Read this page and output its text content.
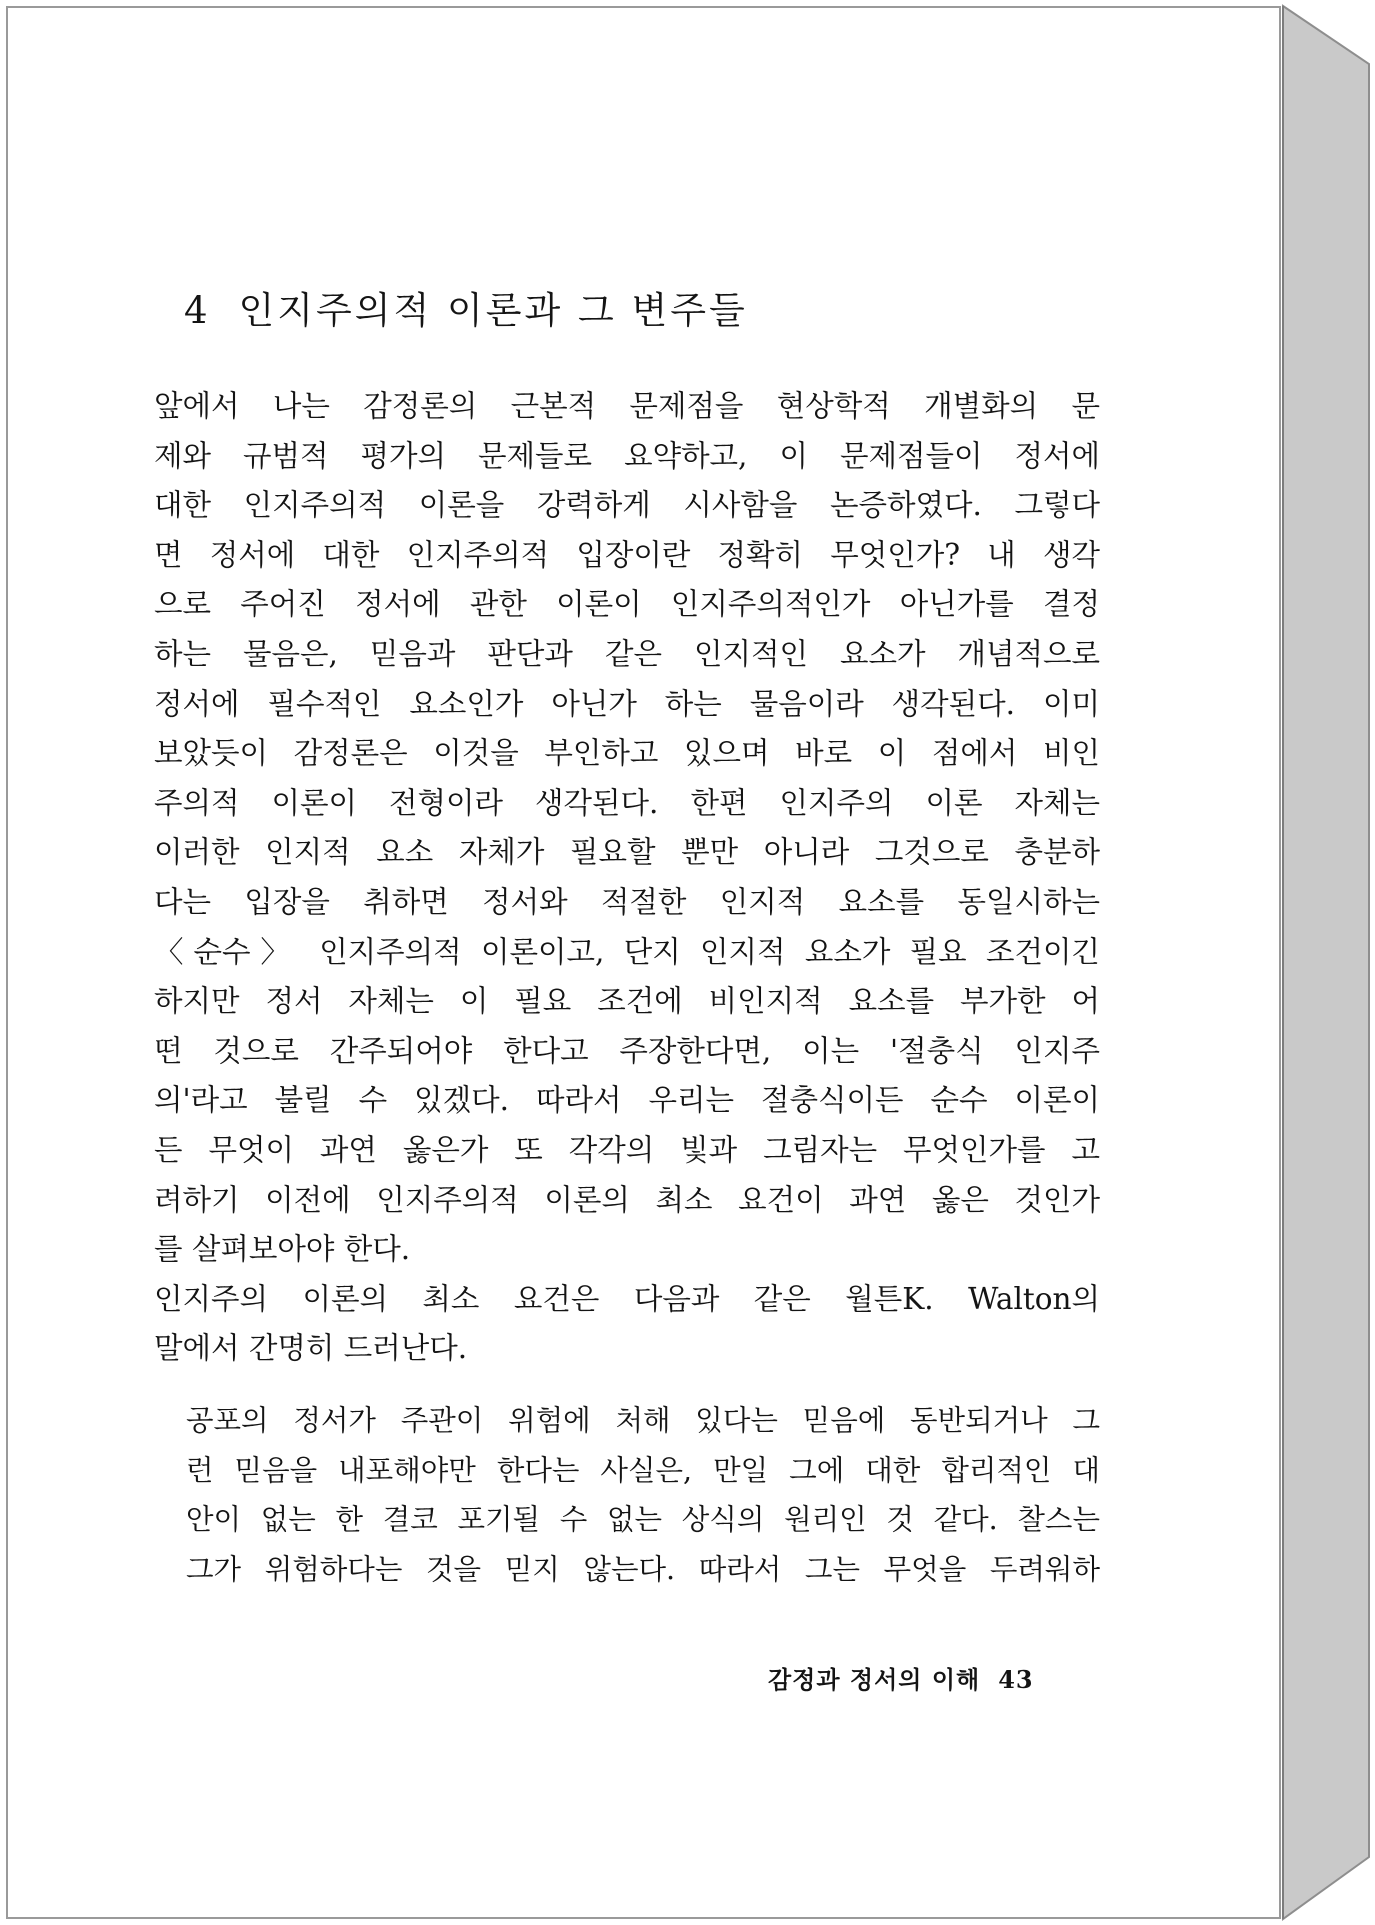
4 인지주의적 이론과 그 변주들
앞에서 나는 감정론의 근본적 문제점을 현상학적 개별화의 문
제와 규범적 평가의 문제들로 요약하고, 이 문제점들이 정서에
대한 인지주의적 이론을 강력하게 시사함을 논증하였다. 그렇다
면 정서에 대한 인지주의적 입장이란 정확히 무엇인가? 내 생각
으로 주어진 정서에 관한 이론이 인지주의적인가 아닌가를 결정
하는 물음은, 믿음과 판단과 같은 인지적인 요소가 개념적으로
정서에 필수적인 요소인가 아닌가 하는 물음이라 생각된다. 이미
보았듯이 감정론은 이것을 부인하고 있으며 바로 이 점에서 비인
주의적 이론이 전형이라 생각된다. 한편 인지주의 이론 자체는
이러한 인지적 요소 자체가 필요할 뿐만 아니라 그것으로 충분하
다는 입장을 취하면 정서와 적절한 인지적 요소를 동일시하는
〈순수〉 인지주의적 이론이고, 단지 인지적 요소가 필요 조건이긴
하지만 정서 자체는 이 필요 조건에 비인지적 요소를 부가한 어
떤 것으로 간주되어야 한다고 주장한다면, 이는 '절충식 인지주
의'라고 불릴 수 있겠다. 따라서 우리는 절충식이든 순수 이론이
든 무엇이 과연 옳은가 또 각각의 빛과 그림자는 무엇인가를 고
려하기 이전에 인지주의적 이론의 최소 요건이 과연 옳은 것인가
를 살펴보아야 한다.
인지주의 이론의 최소 요건은 다음과 같은 월튼K. Walton의
말에서 간명히 드러난다.
공포의 정서가 주관이 위험에 처해 있다는 믿음에 동반되거나 그
런 믿음을 내포해야만 한다는 사실은, 만일 그에 대한 합리적인 대
안이 없는 한 결코 포기될 수 없는 상식의 원리인 것 같다. 찰스는
그가 위험하다는 것을 믿지 않는다. 따라서 그는 무엇을 두려워하
감정과 정서의 이해 43
